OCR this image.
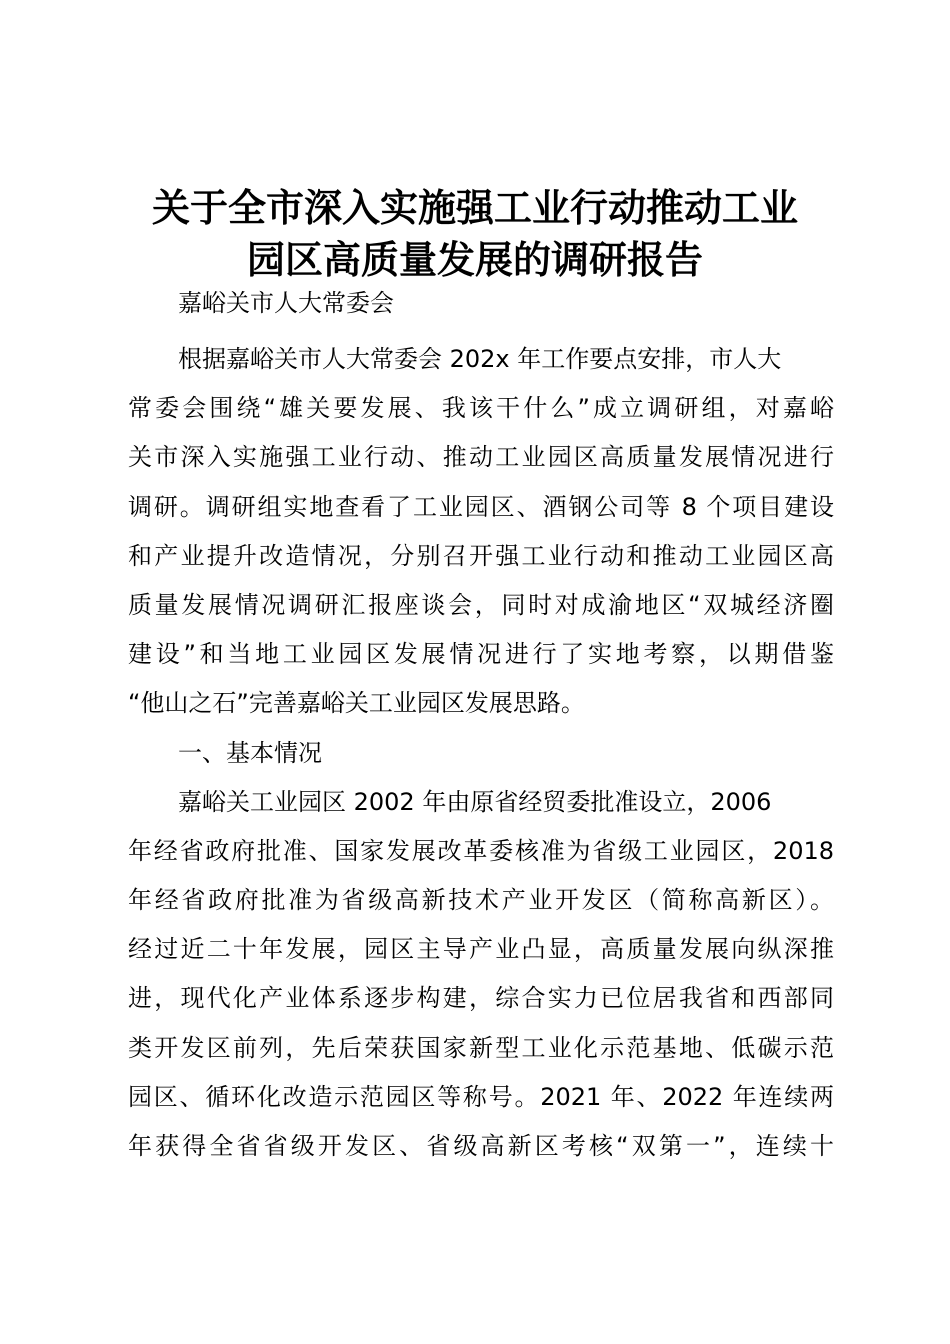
关于全市深入实施强工业行动推动工业
园区高质量发展的调研报告

嘉峪关市人大常委会

根据嘉峪关市人大常委会 202x 年工作要点安排，市人大
常委会围绕“雄关要发展、我该干什么”成立调研组，对嘉峪
关市深入实施强工业行动、推动工业园区高质量发展情况进行
调研。调研组实地查看了工业园区、酒钢公司等 8 个项目建设
和产业提升改造情况，分别召开强工业行动和推动工业园区高
质量发展情况调研汇报座谈会，同时对成渝地区“双城经济圈
建设”和当地工业园区发展情况进行了实地考察，以期借鉴
“他山之石”完善嘉峪关工业园区发展思路。
一、基本情况
嘉峪关工业园区 2002 年由原省经贸委批准设立，2006
年经省政府批准、国家发展改革委核准为省级工业园区，2018
年经省政府批准为省级高新技术产业开发区（简称高新区）。
经过近二十年发展，园区主导产业凸显，高质量发展向纵深推
进，现代化产业体系逐步构建，综合实力已位居我省和西部同
类开发区前列，先后荣获国家新型工业化示范基地、低碳示范
园区、循环化改造示范园区等称号。2021 年、2022 年连续两
年获得全省省级开发区、省级高新区考核“双第一”，连续十
